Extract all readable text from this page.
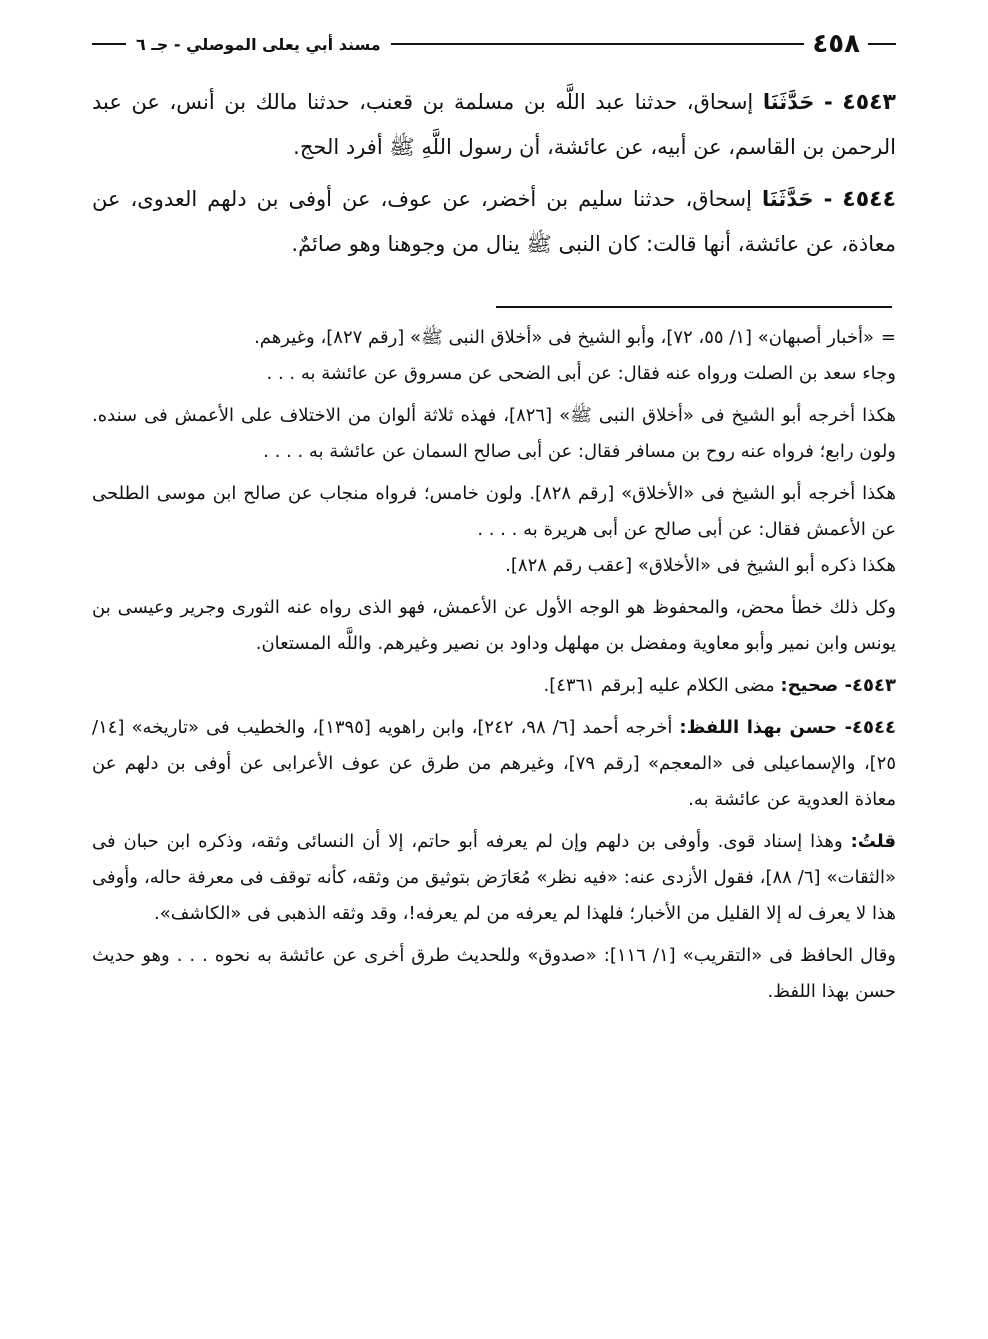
٤٥٨
مسند أبي يعلى الموصلي - جـ ٦

٤٥٤٣ - حَدَّثَنَا إسحاق، حدثنا عبد اللَّه بن مسلمة بن قعنب، حدثنا مالك بن أنس، عن عبد الرحمن بن القاسم، عن أبيه، عن عائشة، أن رسول اللَّهِ ﷺ أفرد الحج.

٤٥٤٤ - حَدَّثَنَا إسحاق، حدثنا سليم بن أخضر، عن عوف، عن أوفى بن دلهم العدوى، عن معاذة، عن عائشة، أنها قالت: كان النبى ﷺ ينال من وجوهنا وهو صائمٌ.

=«أخبار أصبهان» [١/ ٥٥، ٧٢]، وأبو الشيخ فى «أخلاق النبى ﷺ» [رقم ٨٢٧]، وغيرهم.

وجاء سعد بن الصلت ورواه عنه فقال: عن أبى الضحى عن مسروق عن عائشة به . . .

هكذا أخرجه أبو الشيخ فى «أخلاق النبى ﷺ» [٨٢٦]، فهذه ثلاثة ألوان من الاختلاف على الأعمش فى سنده. ولون رابع؛ فرواه عنه روح بن مسافر فقال: عن أبى صالح السمان عن عائشة به . . . .

هكذا أخرجه أبو الشيخ فى «الأخلاق» [رقم ٨٢٨]. ولون خامس؛ فرواه منجاب عن صالح ابن موسى الطلحى عن الأعمش فقال: عن أبى صالح عن أبى هريرة به . . . .

هكذا ذكره أبو الشيخ فى «الأخلاق» [عقب رقم ٨٢٨].

وكل ذلك خطأ محض، والمحفوظ هو الوجه الأول عن الأعمش، فهو الذى رواه عنه الثورى وجرير وعيسى بن يونس وابن نمير وأبو معاوية ومفضل بن مهلهل وداود بن نصير وغيرهم. واللَّه المستعان.

٤٥٤٣- صحيح: مضى الكلام عليه [برقم ٤٣٦١].

٤٥٤٤- حسن بهذا اللفظ: أخرجه أحمد [٦/ ٩٨، ٢٤٢]، وابن راهويه [١٣٩٥]، والخطيب فى «تاريخه» [١٤/ ٢٥]، والإسماعيلى فى «المعجم» [رقم ٧٩]، وغيرهم من طرق عن عوف الأعرابى عن أوفى بن دلهم عن معاذة العدوية عن عائشة به.

قلتُ: وهذا إسناد قوى. وأوفى بن دلهم وإن لم يعرفه أبو حاتم، إلا أن النسائى وثقه، وذكره ابن حبان فى «الثقات» [٦/ ٨٨]، فقول الأزدى عنه: «فيه نظر» مُعَارَض بتوثيق من وثقه، كأنه توقف فى معرفة حاله، وأوفى هذا لا يعرف له إلا القليل من الأخبار؛ فلهذا لم يعرفه من لم يعرفه!، وقد وثقه الذهبى فى «الكاشف».

وقال الحافظ فى «التقريب» [١/ ١١٦]: «صدوق» وللحديث طرق أخرى عن عائشة به نحوه . . . وهو حديث حسن بهذا اللفظ.
